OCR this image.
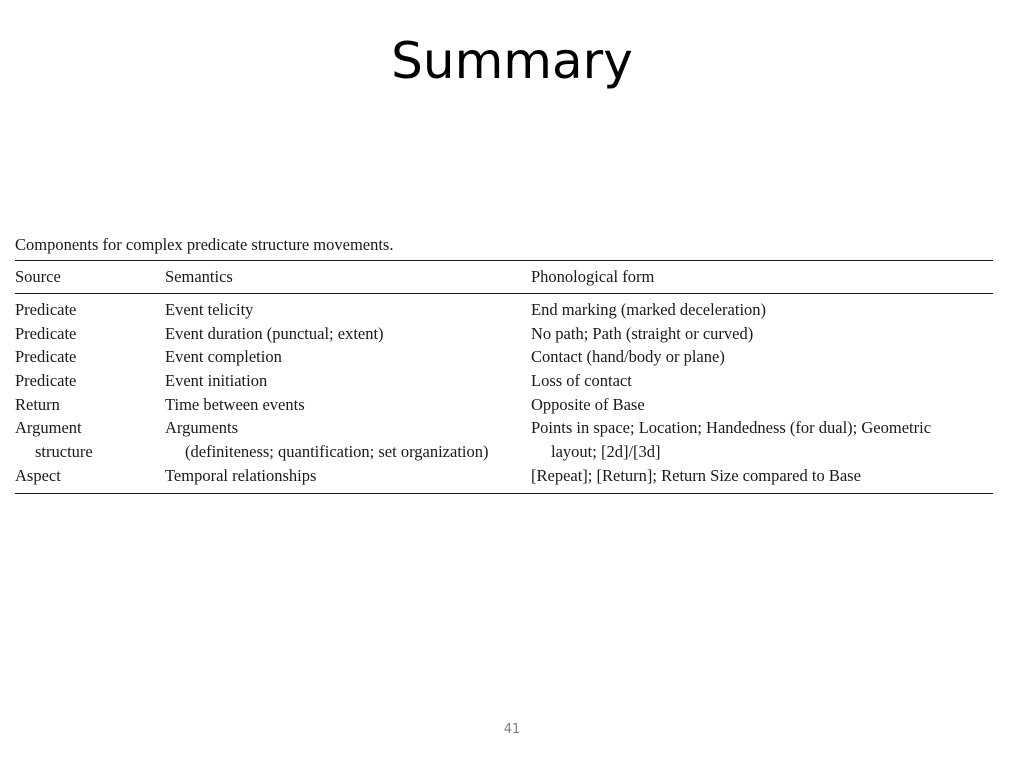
Summary
Components for complex predicate structure movements.
Source	Semantics	Phonological form
Predicate	Event telicity	End marking (marked deceleration)
Predicate	Event duration (punctual; extent)	No path; Path (straight or curved)
Predicate	Event completion	Contact (hand/body or plane)
Predicate	Event initiation	Loss of contact
Return	Time between events	Opposite of Base
Argument	Arguments	Points in space; Location; Handedness (for dual); Geometric
structure	(definiteness; quantification; set organization)	layout; [2d]/[3d]
Aspect	Temporal relationships	[Repeat]; [Return]; Return Size compared to Base
41
